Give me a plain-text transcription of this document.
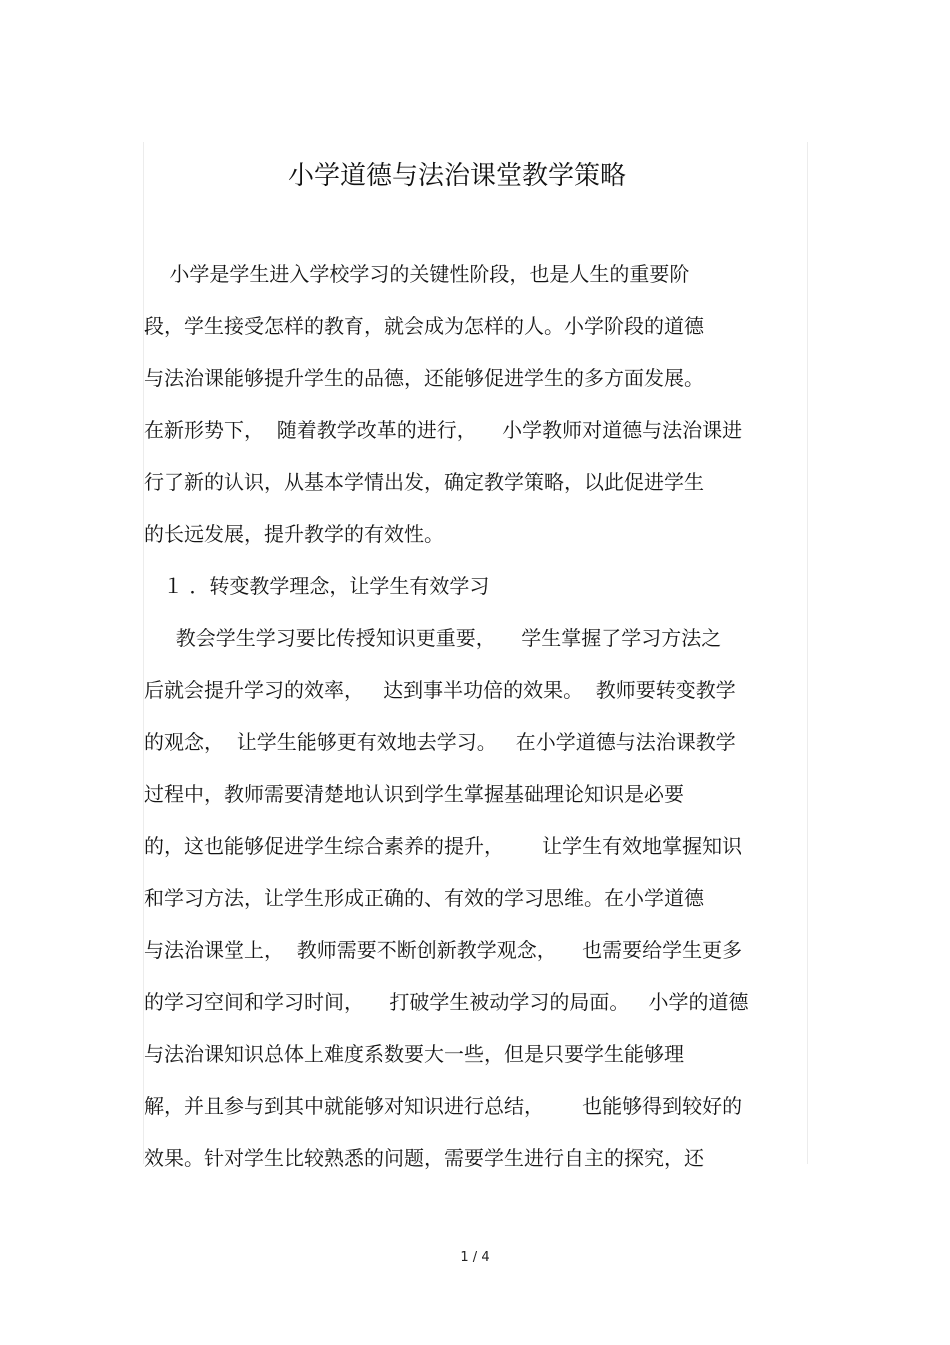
小学道德与法治课堂教学策略
小学是学生进入学校学习的关键性阶段，也是人生的重要阶
段，学生接受怎样的教育，就会成为怎样的人。小学阶段的道德
与法治课能够提升学生的品德，还能够促进学生的多方面发展。
在新形势下，  随着教学改革的进行，    小学教师对道德与法治课进
行了新的认识，从基本学情出发，确定教学策略，以此促进学生
的长远发展，提升教学的有效性。
１ ．转变教学理念，让学生有效学习
教会学生学习要比传授知识更重要，    学生掌握了学习方法之
后就会提升学习的效率，   达到事半功倍的效果。  教师要转变教学
的观念，  让学生能够更有效地去学习。   在小学道德与法治课教学
过程中，教师需要清楚地认识到学生掌握基础理论知识是必要
的，这也能够促进学生综合素养的提升，      让学生有效地掌握知识
和学习方法，让学生形成正确的、有效的学习思维。在小学道德
与法治课堂上，  教师需要不断创新教学观念，    也需要给学生更多
的学习空间和学习时间，    打破学生被动学习的局面。   小学的道德
与法治课知识总体上难度系数要大一些，但是只要学生能够理
解，并且参与到其中就能够对知识进行总结，      也能够得到较好的
效果。针对学生比较熟悉的问题，需要学生进行自主的探究，还
1 / 4
